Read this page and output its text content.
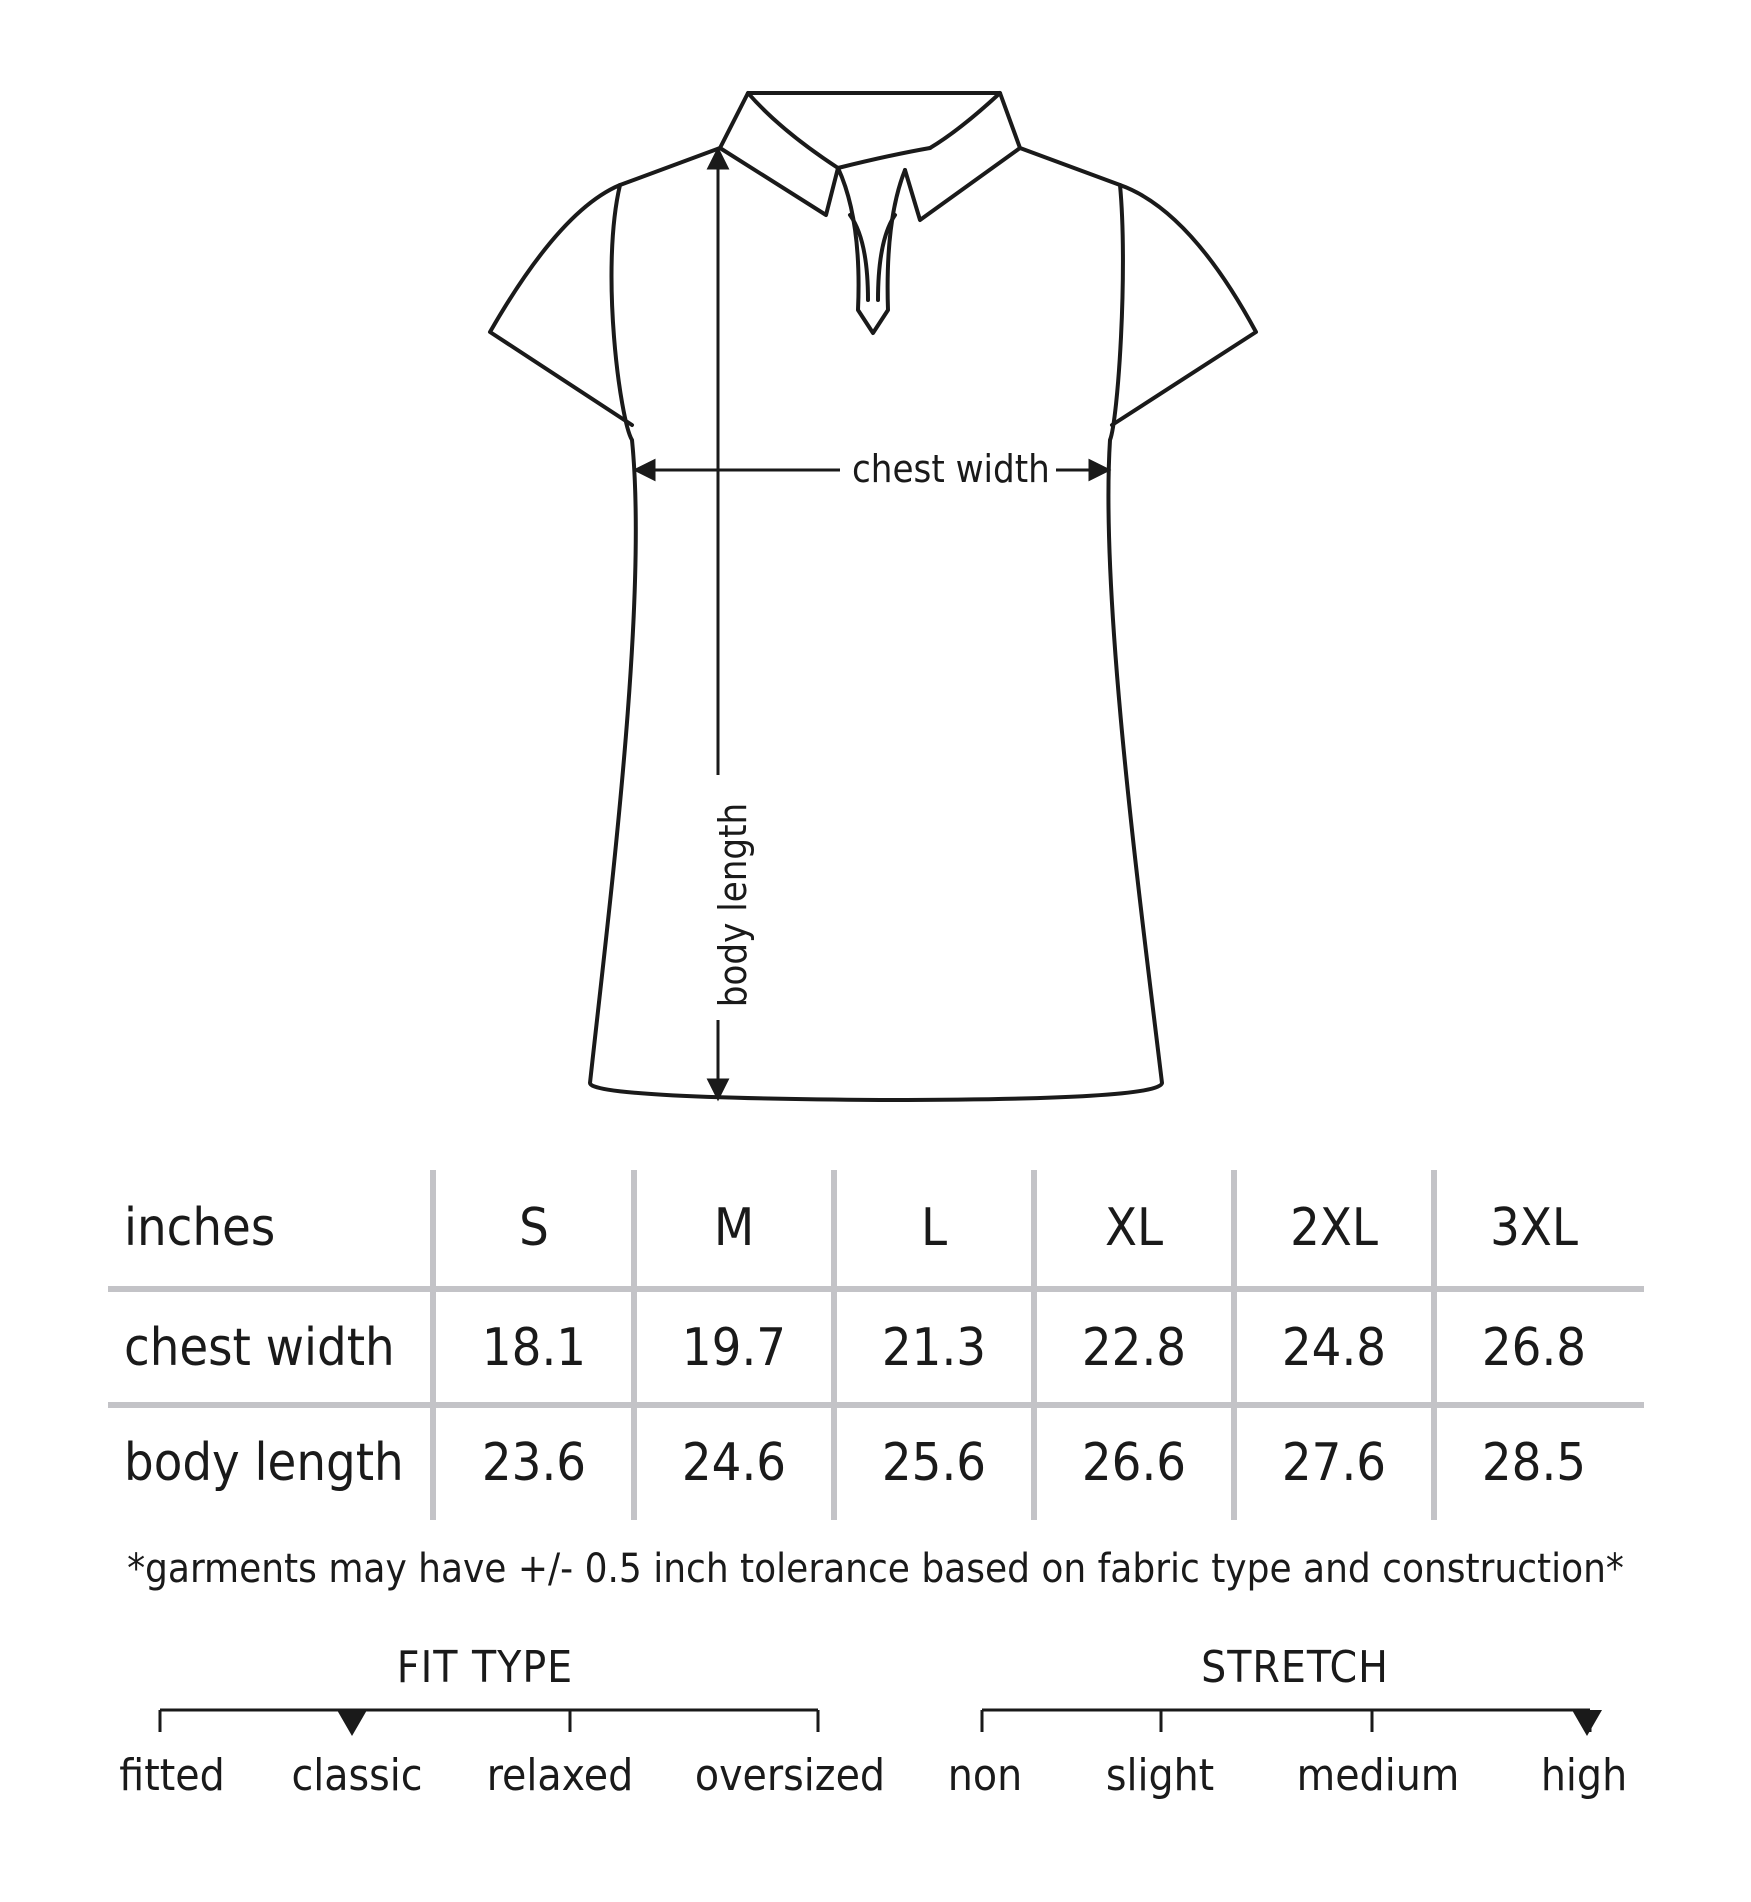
chest width
body length
inches	S	M	L	XL	2XL	3XL
chest width	18.1	19.7	21.3	22.8	24.8	26.8
body length	23.6	24.6	25.6	26.6	27.6	28.5
*garments may have +/- 0.5 inch tolerance based on fabric type and construction*
FIT TYPE	STRETCH
fitted classic relaxed oversized non slight medium high
